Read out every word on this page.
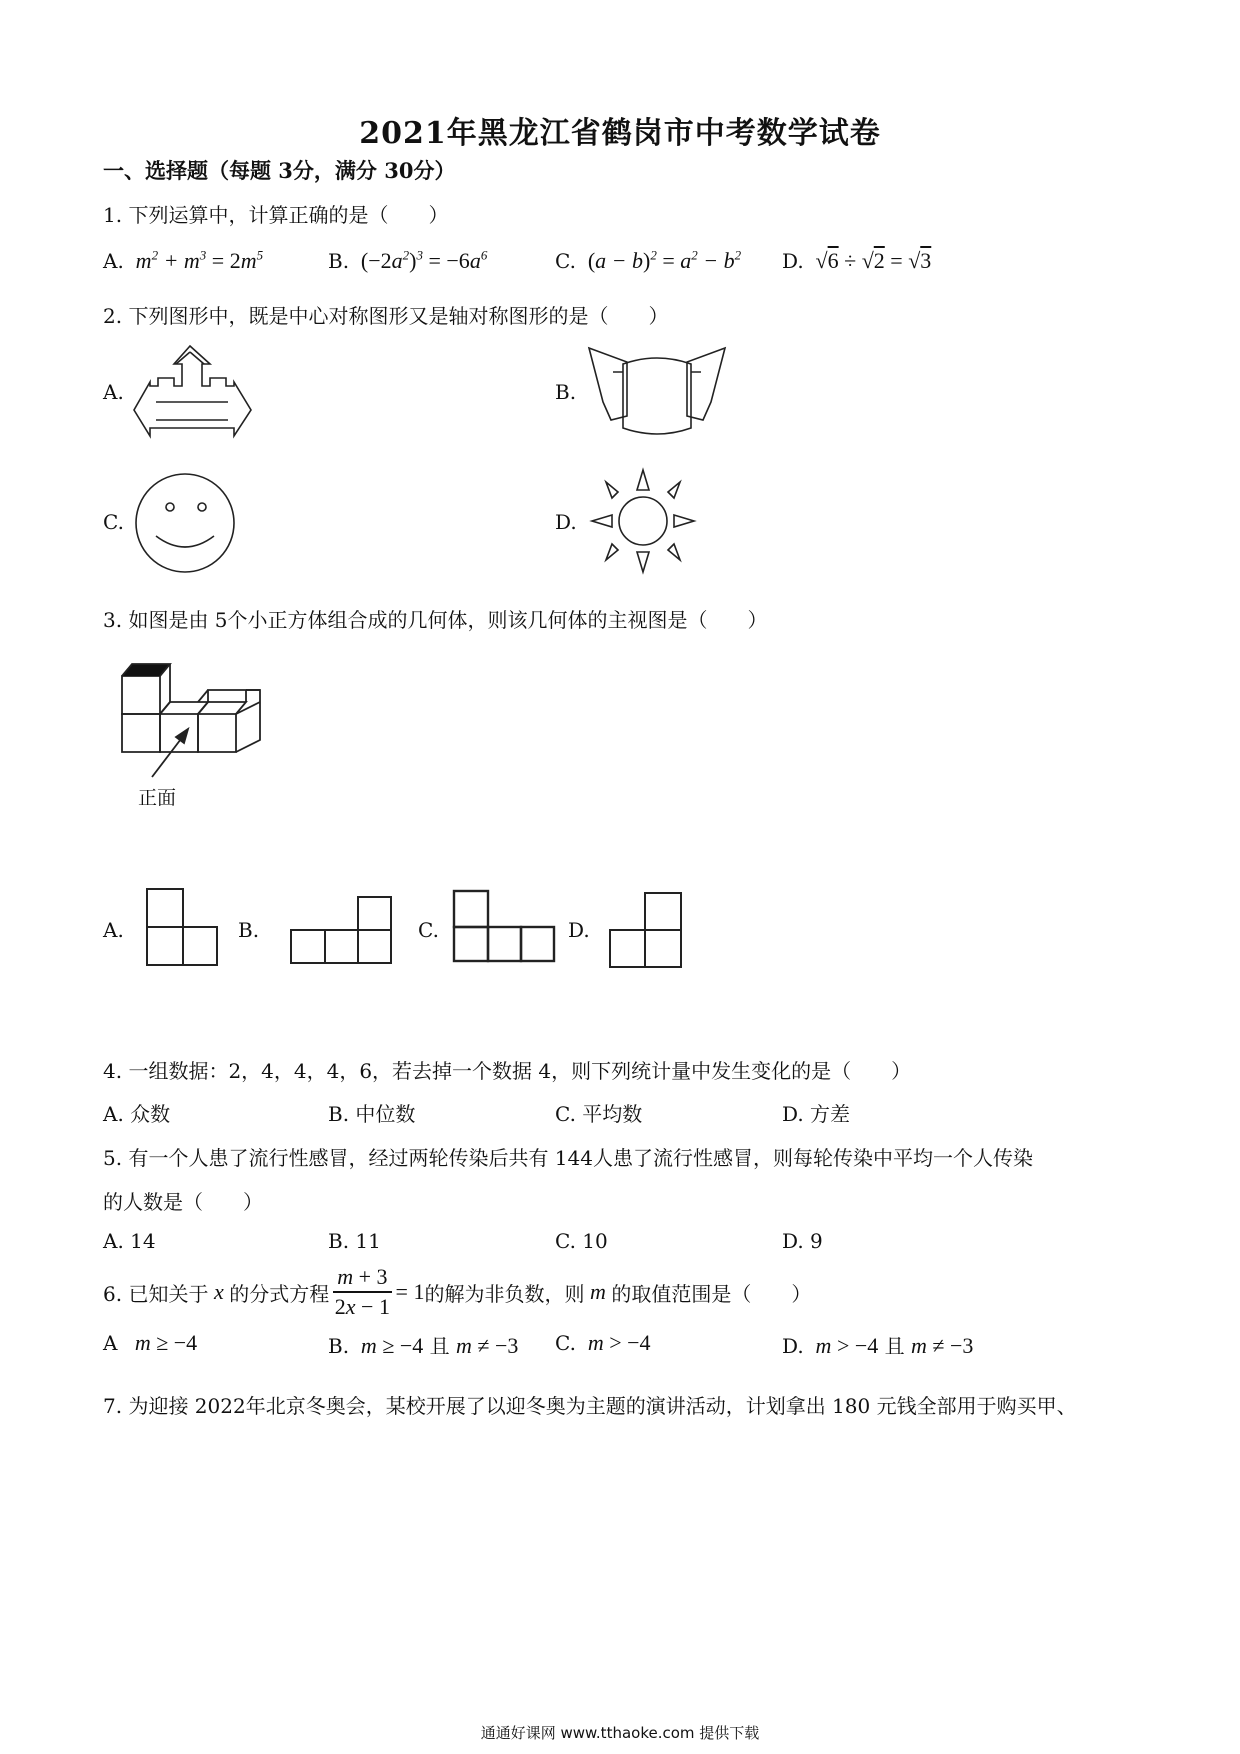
2021年黑龙江省鹤岗市中考数学试卷
一、选择题（每题 3分，满分 30分）
1. 下列运算中，计算正确的是（　　）
A.  $m^2 + m^3 = 2m^5$	B. $(-2a^2)^3 = -6a^6$	C. $(a - b)^2 = a^2 - b^2$ D.  √6 ÷ √2 = √3
2. 下列图形中，既是中心对称图形又是轴对称图形的是（　　）
A.	B.
C.	D.
3. 如图是由 5个小正方体组合成的几何体，则该几何体的主视图是（　　）
正面
A.	B.	C.	D.
4. 一组数据：2，4，4，4，6，若去掉一个数据 4，则下列统计量中发生变化的是（　　）
A. 众数	B. 中位数	C. 平均数	D. 方差
5. 有一个人患了流行性感冒，经过两轮传染后共有 144人患了流行性感冒，则每轮传染中平均一个人传染
的人数是（　　）
A. 14	B. 11	C. 10	D. 9
6. 已知关于 x 的分式方程 $\frac{m + 3}{2x - 1} = 1$ 的解为非负数，则 m 的取值范围是（　　）
A   m ≥ −4	B.  m ≥ −4 且 m ≠ −3 C.  m > −4	D.  m > −4 且 m ≠ −3
7. 为迎接 2022年北京冬奥会，某校开展了以迎冬奥为主题的演讲活动，计划拿出 180 元钱全部用于购买甲、
通通好课网 www.tthaoke.com 提供下载
